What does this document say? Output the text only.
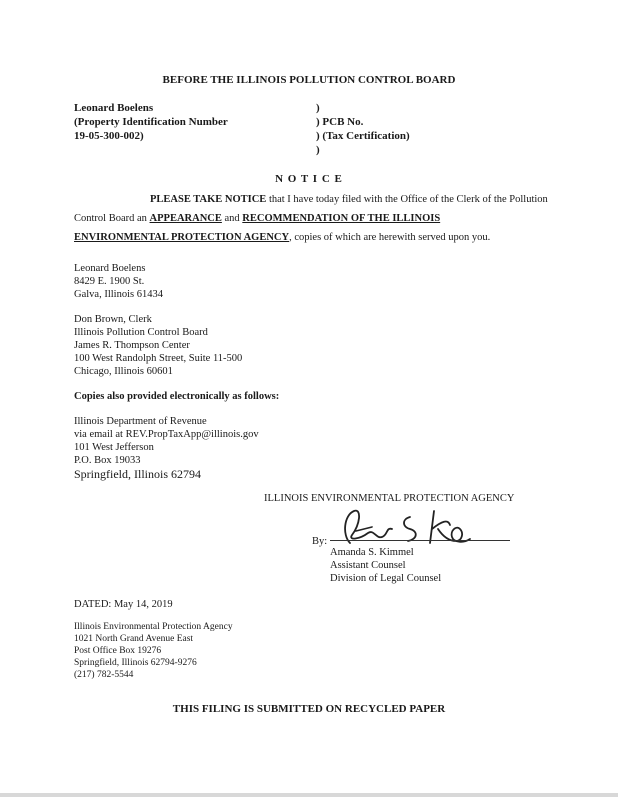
BEFORE THE ILLINOIS POLLUTION CONTROL BOARD

Leonard Boelens

(Property Identification Number

19-05-300-002)

)

) PCB No.

) (Tax Certification)

)

N O T I C E

PLEASE TAKE NOTICE that I have today filed with the Office of the Clerk of the Pollution

Control Board an APPEARANCE and RECOMMENDATION OF THE ILLINOIS

ENVIRONMENTAL PROTECTION AGENCY, copies of which are herewith served upon you.

Leonard Boelens

8429 E. 1900 St.

Galva, Illinois 61434

Don Brown, Clerk

Illinois Pollution Control Board

James R. Thompson Center

100 West Randolph Street, Suite 11-500

Chicago, Illinois 60601

Copies also provided electronically as follows:

Illinois Department of Revenue

via email at REV.PropTaxApp@illinois.gov

101 West Jefferson

P.O. Box 19033

Springfield, Illinois 62794

ILLINOIS ENVIRONMENTAL PROTECTION AGENCY

By:

Amanda S. Kimmel

Assistant Counsel

Division of Legal Counsel

DATED: May 14, 2019

Illinois Environmental Protection Agency

1021 North Grand Avenue East

Post Office Box 19276

Springfield, Illinois 62794-9276

(217) 782-5544

THIS FILING IS SUBMITTED ON RECYCLED PAPER
